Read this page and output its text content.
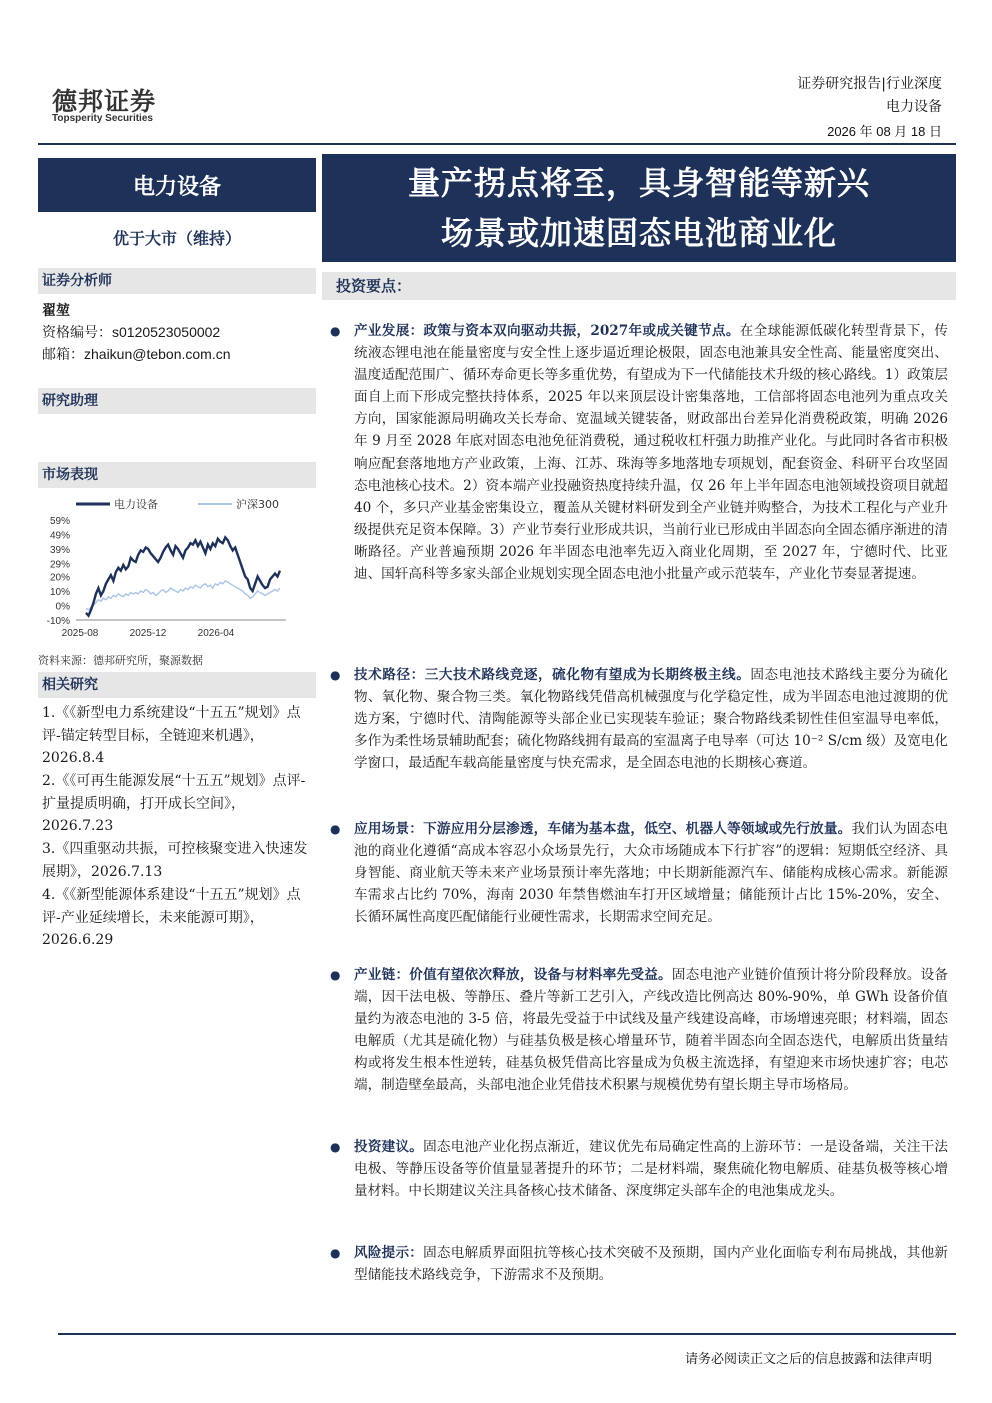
德邦证券
Topsperity Securities
证券研究报告|行业深度
电力设备
2026 年 08 月 18 日
电力设备
优于大市（维持）
证券分析师
翟堃
资格编号：s0120523050002
邮箱：zhaikun@tebon.com.cn
研究助理
市场表现
电力设备	沪深300
59%
49%
39%
29%
20%
10%
0%
-10%
2025-08	2025-12	2026-04
资料来源：德邦研究所，聚源数据
相关研究
1.《《新型电力系统建设“十五五”规划》点评-锚定转型目标，全链迎来机遇》，2026.8.4
2.《《可再生能源发展“十五五”规划》点评-扩量提质明确，打开成长空间》，2026.7.23
3.《四重驱动共振，可控核聚变进入快速发展期》，2026.7.13
4.《《新型能源体系建设“十五五”规划》点评-产业延续增长，未来能源可期》，2026.6.29
量产拐点将至，具身智能等新兴
场景或加速固态电池商业化
投资要点：
● 产业发展：政策与资本双向驱动共振，2027年或成关键节点。在全球能源低碳化转型背景下，传统液态锂电池在能量密度与安全性上逐步逼近理论极限，固态电池兼具安全性高、能量密度突出、温度适配范围广、循环寿命更长等多重优势，有望成为下一代储能技术升级的核心路线。1）政策层面自上而下形成完整扶持体系，2025 年以来顶层设计密集落地，工信部将固态电池列为重点攻关方向，国家能源局明确攻关长寿命、宽温域关键装备，财政部出台差异化消费税政策，明确 2026 年 9 月至 2028 年底对固态电池免征消费税，通过税收杠杆强力助推产业化。与此同时各省市积极响应配套落地地方产业政策，上海、江苏、珠海等多地落地专项规划，配套资金、科研平台攻坚固态电池核心技术。2）资本端产业投融资热度持续升温，仅 26 年上半年固态电池领域投资项目就超 40 个，多只产业基金密集设立，覆盖从关键材料研发到全产业链并购整合，为技术工程化与产业升级提供充足资本保障。3）产业节奏行业形成共识，当前行业已形成由半固态向全固态循序渐进的清晰路径。产业普遍预期 2026 年半固态电池率先迈入商业化周期，至 2027 年，宁德时代、比亚迪、国轩高科等多家头部企业规划实现全固态电池小批量产或示范装车，产业化节奏显著提速。
● 技术路径：三大技术路线竞逐，硫化物有望成为长期终极主线。固态电池技术路线主要分为硫化物、氧化物、聚合物三类。氧化物路线凭借高机械强度与化学稳定性，成为半固态电池过渡期的优选方案，宁德时代、清陶能源等头部企业已实现装车验证；聚合物路线柔韧性佳但室温导电率低，多作为柔性场景辅助配套；硫化物路线拥有最高的室温离子电导率（可达 10⁻² S/cm 级）及宽电化学窗口，最适配车载高能量密度与快充需求，是全固态电池的长期核心赛道。
● 应用场景：下游应用分层渗透，车储为基本盘，低空、机器人等领域或先行放量。我们认为固态电池的商业化遵循“高成本容忍小众场景先行，大众市场随成本下行扩容”的逻辑：短期低空经济、具身智能、商业航天等未来产业场景预计率先落地；中长期新能源汽车、储能构成核心需求。新能源车需求占比约 70%，海南 2030 年禁售燃油车打开区域增量；储能预计占比 15%-20%，安全、长循环属性高度匹配储能行业硬性需求，长期需求空间充足。
● 产业链：价值有望依次释放，设备与材料率先受益。固态电池产业链价值预计将分阶段释放。设备端，因干法电极、等静压、叠片等新工艺引入，产线改造比例高达 80%-90%，单 GWh 设备价值量约为液态电池的 3-5 倍，将最先受益于中试线及量产线建设高峰，市场增速亮眼；材料端，固态电解质（尤其是硫化物）与硅基负极是核心增量环节，随着半固态向全固态迭代，电解质出货量结构或将发生根本性逆转，硅基负极凭借高比容量成为负极主流选择，有望迎来市场快速扩容；电芯端，制造壁垒最高，头部电池企业凭借技术积累与规模优势有望长期主导市场格局。
● 投资建议。固态电池产业化拐点渐近，建议优先布局确定性高的上游环节：一是设备端，关注干法电极、等静压设备等价值量显著提升的环节；二是材料端，聚焦硫化物电解质、硅基负极等核心增量材料。中长期建议关注具备核心技术储备、深度绑定头部车企的电池集成龙头。
● 风险提示：固态电解质界面阻抗等核心技术突破不及预期，国内产业化面临专利布局挑战，其他新型储能技术路线竞争，下游需求不及预期。
请务必阅读正文之后的信息披露和法律声明
